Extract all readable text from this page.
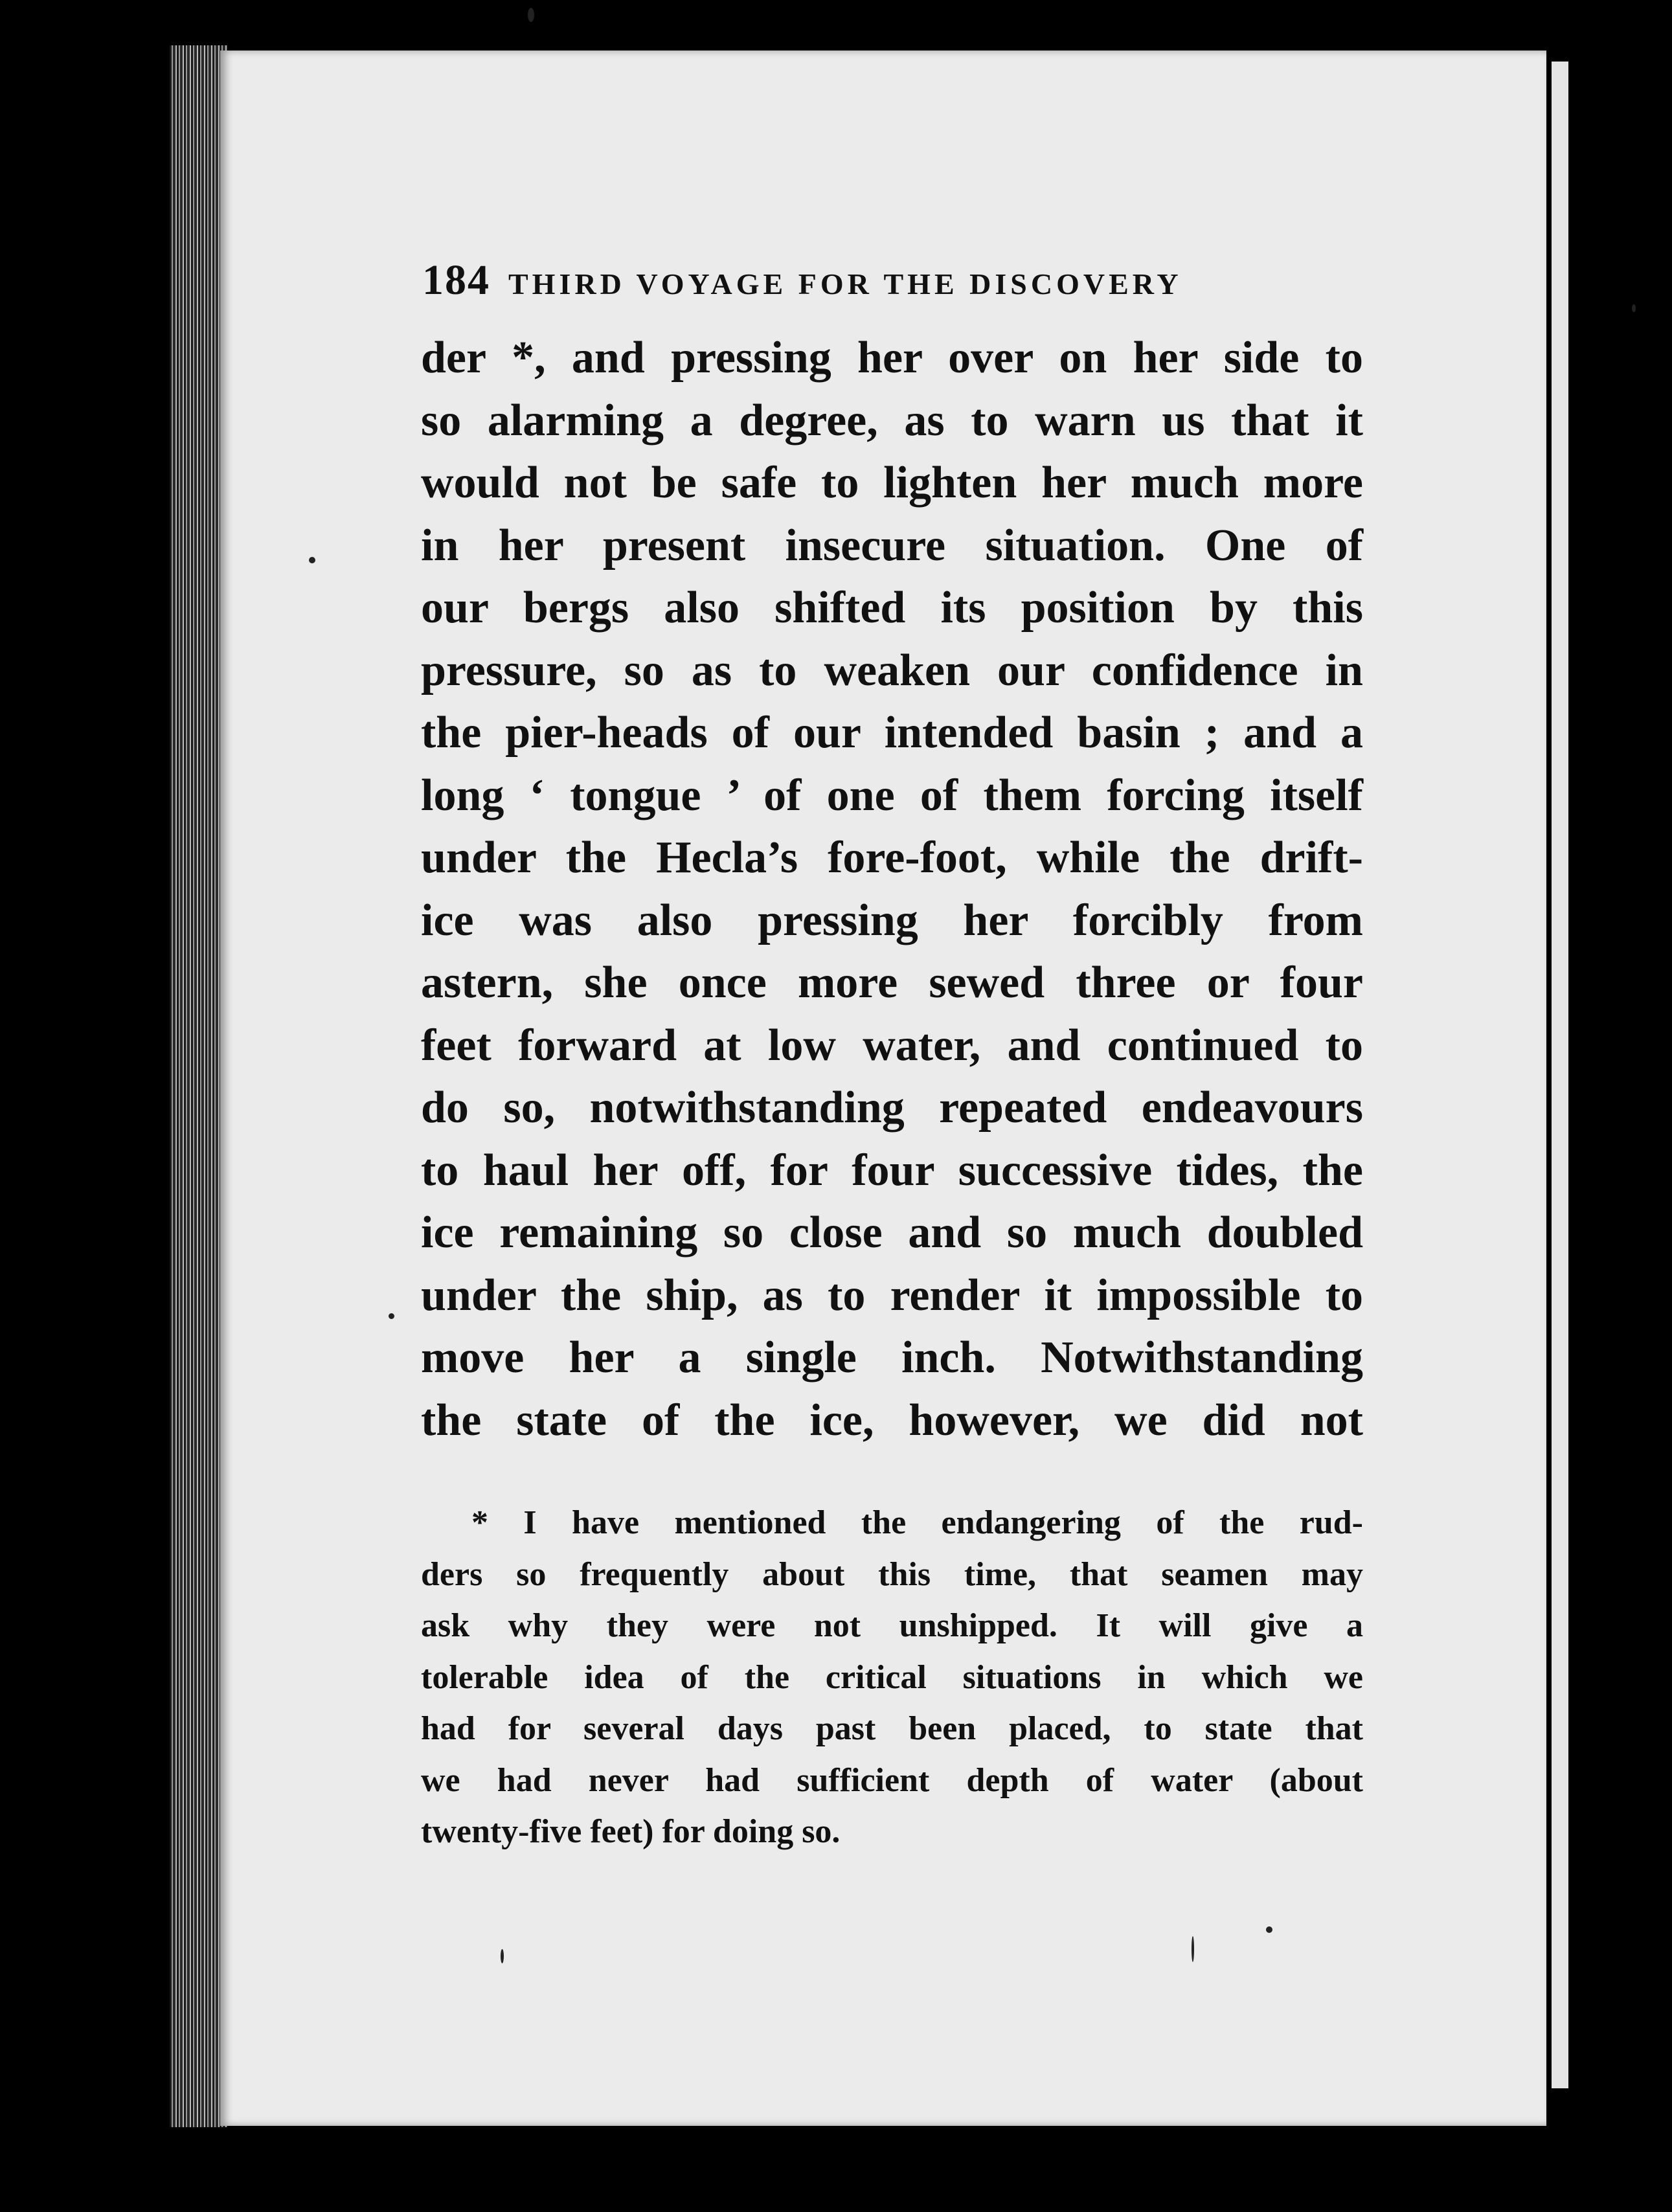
184 THIRD VOYAGE FOR THE DISCOVERY
der *, and pressing her over on her side to
so alarming a degree, as to warn us that it
would not be safe to lighten her much more
in her present insecure situation. One of
our bergs also shifted its position by this
pressure, so as to weaken our confidence in
the pier-heads of our intended basin ; and a
long ‘ tongue ’ of one of them forcing itself
under the Hecla’s fore-foot, while the drift-
ice was also pressing her forcibly from
astern, she once more sewed three or four
feet forward at low water, and continued to
do so, notwithstanding repeated endeavours
to haul her off, for four successive tides, the
ice remaining so close and so much doubled
under the ship, as to render it impossible to
move her a single inch. Notwithstanding
the state of the ice, however, we did not
* I have mentioned the endangering of the rud-
ders so frequently about this time, that seamen may
ask why they were not unshipped. It will give a
tolerable idea of the critical situations in which we
had for several days past been placed, to state that
we had never had sufficient depth of water (about
twenty-five feet) for doing so.
